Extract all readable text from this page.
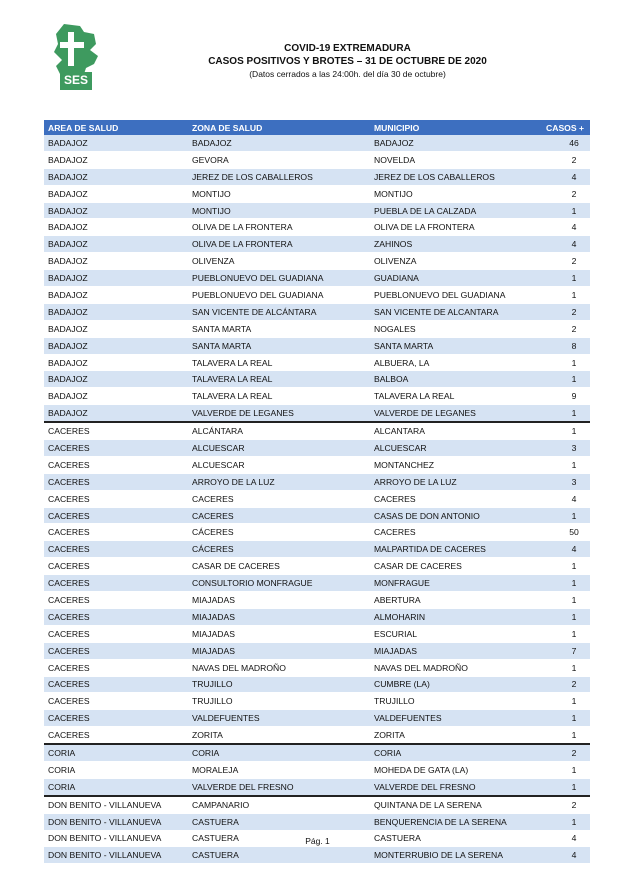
SES
COVID-19 EXTREMADURA
CASOS POSITIVOS Y BROTES – 31 DE OCTUBRE DE 2020
(Datos cerrados a las 24:00h. del día 30 de octubre)
AREA DE SALUD	ZONA DE SALUD	MUNICIPIO	CASOS +
BADAJOZ	BADAJOZ	BADAJOZ	46
BADAJOZ	GEVORA	NOVELDA	2
BADAJOZ	JEREZ DE LOS CABALLEROS	JEREZ DE LOS CABALLEROS	4
BADAJOZ	MONTIJO	MONTIJO	2
BADAJOZ	MONTIJO	PUEBLA DE LA CALZADA	1
BADAJOZ	OLIVA DE LA FRONTERA	OLIVA DE LA FRONTERA	4
BADAJOZ	OLIVA DE LA FRONTERA	ZAHINOS	4
BADAJOZ	OLIVENZA	OLIVENZA	2
BADAJOZ	PUEBLONUEVO DEL GUADIANA	GUADIANA	1
BADAJOZ	PUEBLONUEVO DEL GUADIANA	PUEBLONUEVO DEL GUADIANA	1
BADAJOZ	SAN VICENTE DE ALCÁNTARA	SAN VICENTE DE ALCANTARA	2
BADAJOZ	SANTA MARTA	NOGALES	2
BADAJOZ	SANTA MARTA	SANTA MARTA	8
BADAJOZ	TALAVERA LA REAL	ALBUERA, LA	1
BADAJOZ	TALAVERA LA REAL	BALBOA	1
BADAJOZ	TALAVERA LA REAL	TALAVERA LA REAL	9
BADAJOZ	VALVERDE DE LEGANES	VALVERDE DE LEGANES	1
CACERES	ALCÁNTARA	ALCANTARA	1
CACERES	ALCUESCAR	ALCUESCAR	3
CACERES	ALCUESCAR	MONTANCHEZ	1
CACERES	ARROYO DE LA LUZ	ARROYO DE LA LUZ	3
CACERES	CACERES	CACERES	4
CACERES	CACERES	CASAS DE DON ANTONIO	1
CACERES	CÁCERES	CACERES	50
CACERES	CÁCERES	MALPARTIDA DE CACERES	4
CACERES	CASAR DE CACERES	CASAR DE CACERES	1
CACERES	CONSULTORIO MONFRAGUE	MONFRAGUE	1
CACERES	MIAJADAS	ABERTURA	1
CACERES	MIAJADAS	ALMOHARIN	1
CACERES	MIAJADAS	ESCURIAL	1
CACERES	MIAJADAS	MIAJADAS	7
CACERES	NAVAS DEL MADROÑO	NAVAS DEL MADROÑO	1
CACERES	TRUJILLO	CUMBRE (LA)	2
CACERES	TRUJILLO	TRUJILLO	1
CACERES	VALDEFUENTES	VALDEFUENTES	1
CACERES	ZORITA	ZORITA	1
CORIA	CORIA	CORIA	2
CORIA	MORALEJA	MOHEDA DE GATA (LA)	1
CORIA	VALVERDE DEL FRESNO	VALVERDE DEL FRESNO	1
DON BENITO - VILLANUEVA	CAMPANARIO	QUINTANA DE LA SERENA	2
DON BENITO - VILLANUEVA	CASTUERA	BENQUERENCIA DE LA SERENA	1
DON BENITO - VILLANUEVA	CASTUERA	CASTUERA	4
DON BENITO - VILLANUEVA	CASTUERA	MONTERRUBIO DE LA SERENA	4
Pág. 1
